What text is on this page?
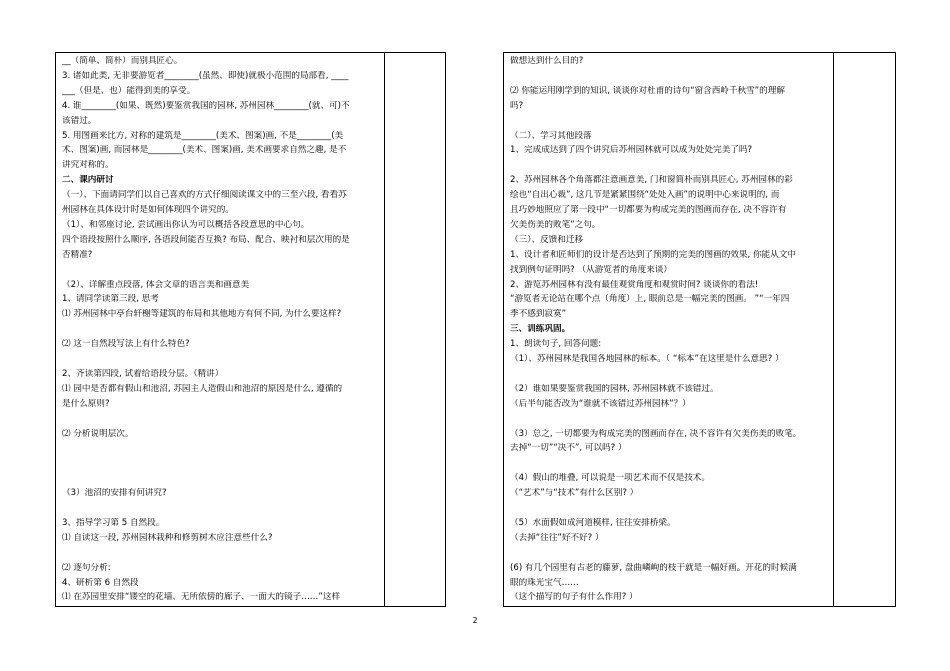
__（简单、简朴）而别具匠心。
3. 诸如此类, 无非要游览者________(虽然、即使)就极小范围的局部看, ____
___（但是、也）能得到美的享受。
4. 谁________(如果、既然)要鉴赏我国的园林, 苏州园林________(就、可)不
该错过。
5. 用图画来比方, 对称的建筑是________(美术、图案)画, 不是________(美
术、图案)画, 而园林是________(美术、图案)画, 美术画要求自然之趣, 是不
讲究对称的。
二、课内研讨
（一）、下面请同学们以自己喜欢的方式仔细阅读课文中的三至六段, 看看苏
州园林在具体设计时是如何体现四个讲究的。
（1）、和邻座讨论, 尝试画出你认为可以概括各段意思的中心句。
四个语段按照什么顺序, 各语段间能否互换? 布局、配合、映衬和层次用的是
否精准?
（2）、详解重点段落, 体会文章的语言美和画意美
1、请同学读第三段, 思考
⑴ 苏州园林中亭台轩榭等建筑的布局和其他地方有何不同, 为什么要这样?
⑵ 这一自然段写法上有什么特色?
2、齐读第四段, 试着给语段分层。（精讲）
⑴ 园中是否都有假山和池沼, 苏园主人造假山和池沼的原因是什么, 遵循的
是什么原则?
⑵ 分析说明层次。
（3）池沼的安排有何讲究?
3、指导学习第 5 自然段。
⑴ 自读这一段, 苏州园林栽种和修剪树木应注意些什么?
⑵ 逐句分析:
4、研析第 6 自然段
⑴ 在苏园里安排“镂空的花墙、无所依傍的廊子、一面大的镜子……”这样
做想达到什么目的?
⑵ 你能运用刚学到的知识, 谈谈你对杜甫的诗句“窗含西岭千秋雪”的理解
吗?
（二）、学习其他段落
1、完成成达到了四个讲究后苏州园林就可以成为处处完美了吗?
2、苏州园林各个角落都注意画意美, 门和窗简朴而别具匠心, 苏州园林的彩
绘也“自出心裁”, 这几节是紧紧围绕“处处入画”的说明中心来说明的, 而
且巧妙地照应了第一段中“一切都要为构成完美的图画而存在, 决不容许有
欠美伤美的败笔”之句。
（三）、反馈和迁移
1、设计者和匠师们的设计是否达到了预期的完美的图画的效果, 你能从文中
找到例句证明吗? （从游览者的角度来谈）
2、游览苏州园林有没有最佳观赏角度和观赏时间? 谈谈你的看法!
“游览者无论站在哪个点（角度）上, 眼前总是一幅完美的图画。 ”“一年四
季不感到寂寞”
三、训练巩固。
1、朗读句子, 回答问题:
（1）、苏州园林是我国各地园林的标本。（ “标本”在这里是什么意思? ）
（2）谁如果要鉴赏我国的园林, 苏州园林就不该错过。
（后半句能否改为“谁就不该错过苏州园林”？）
（3）总之, 一切都要为构成完美的图画而存在, 决不容许有欠美伤美的败笔。
去掉“一切”“决不”, 可以吗? ）
（4）假山的堆叠, 可以说是一项艺术而不仅是技术。
（“艺术”与“技术”有什么区别? ）
（5）水面假如成河道模样, 往往安排桥梁。
（去掉“往往”好不好? ）
(6) 有几个园里有古老的藤萝, 盘曲嶙峋的枝干就是一幅好画。开花的时候满
眼的珠光宝气……
（这个描写的句子有什么作用? ）
2
